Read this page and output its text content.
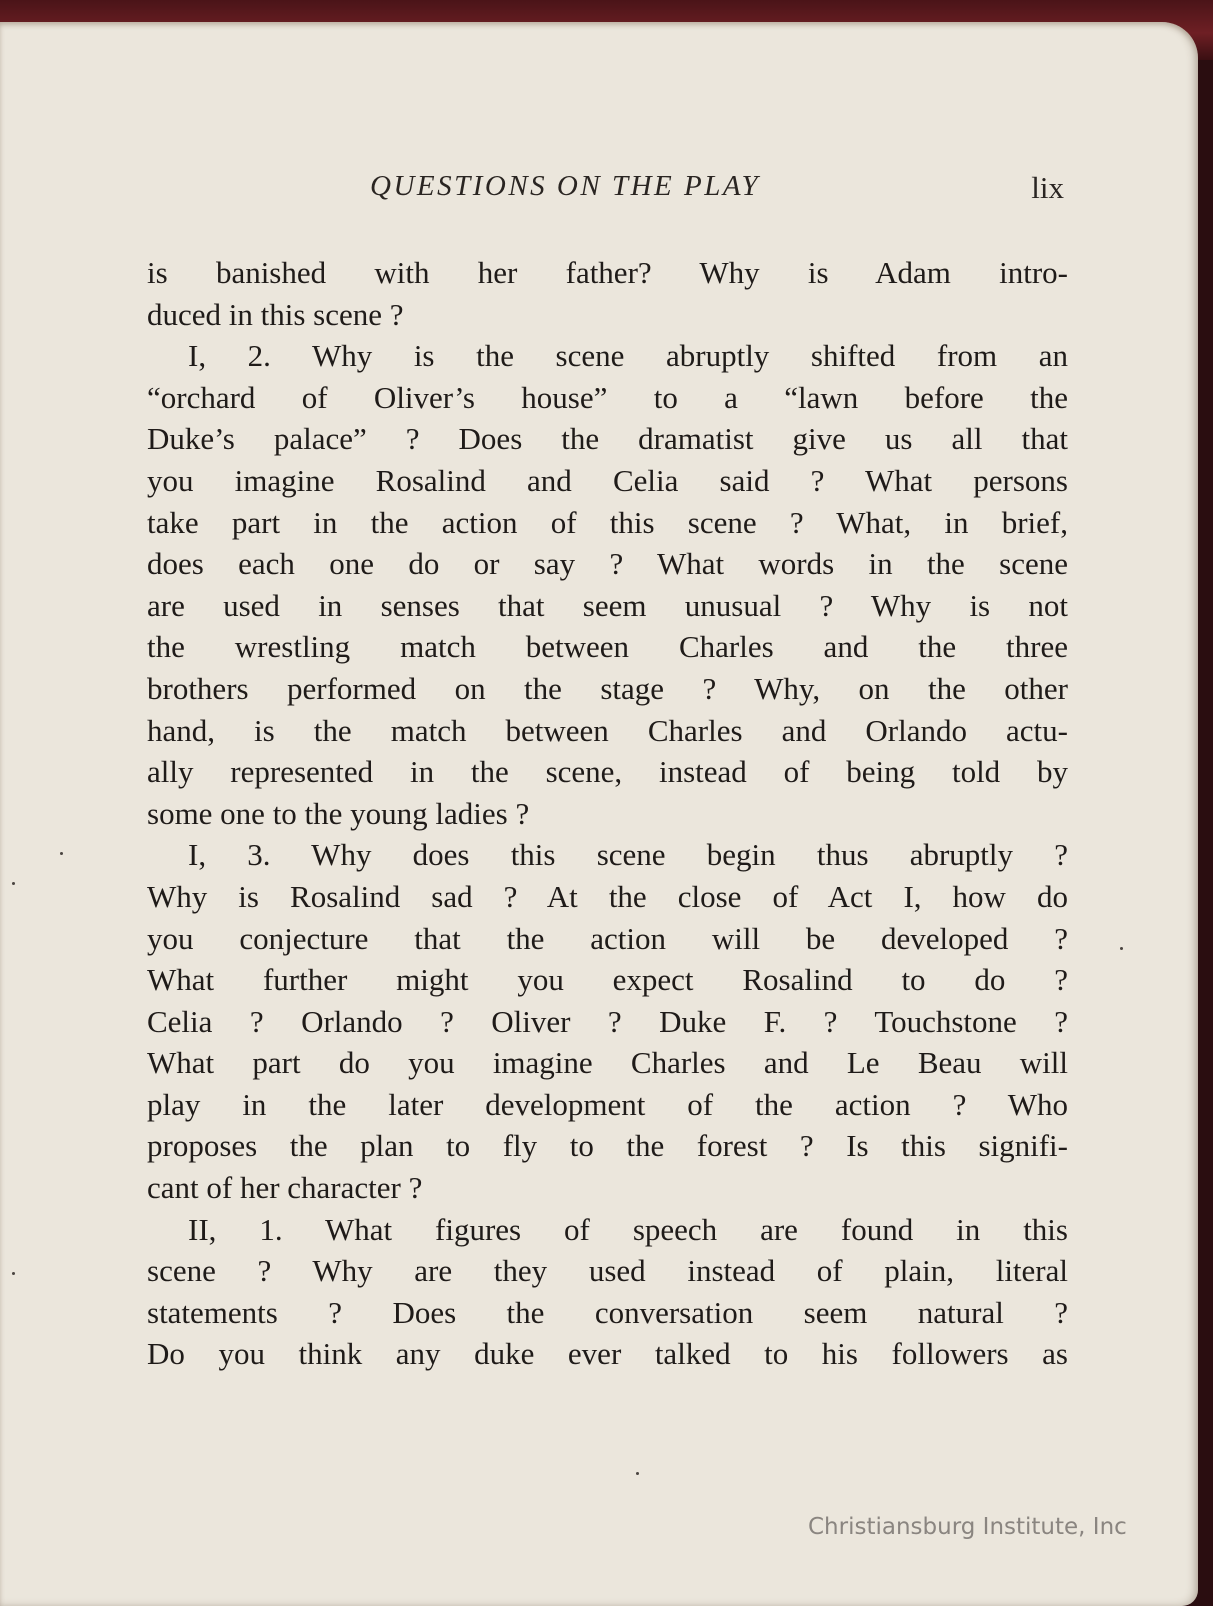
QUESTIONS ON THE PLAY	lix
is banished with her father? Why is Adam intro-
duced in this scene ?
I, 2. Why is the scene abruptly shifted from an
“orchard of Oliver’s house” to a “lawn before the
Duke’s palace” ? Does the dramatist give us all that
you imagine Rosalind and Celia said ? What persons
take part in the action of this scene ? What, in brief,
does each one do or say ? What words in the scene
are used in senses that seem unusual ? Why is not
the wrestling match between Charles and the three
brothers performed on the stage ? Why, on the other
hand, is the match between Charles and Orlando actu-
ally represented in the scene, instead of being told by
some one to the young ladies ?
I, 3. Why does this scene begin thus abruptly ?
Why is Rosalind sad ? At the close of Act I, how do
you conjecture that the action will be developed ?
What further might you expect Rosalind to do ?
Celia ? Orlando ? Oliver ? Duke F. ? Touchstone ?
What part do you imagine Charles and Le Beau will
play in the later development of the action ? Who
proposes the plan to fly to the forest ? Is this signifi-
cant of her character ?
II, 1. What figures of speech are found in this
scene ? Why are they used instead of plain, literal
statements ? Does the conversation seem natural ?
Do you think any duke ever talked to his followers as
Christiansburg Institute, Inc
